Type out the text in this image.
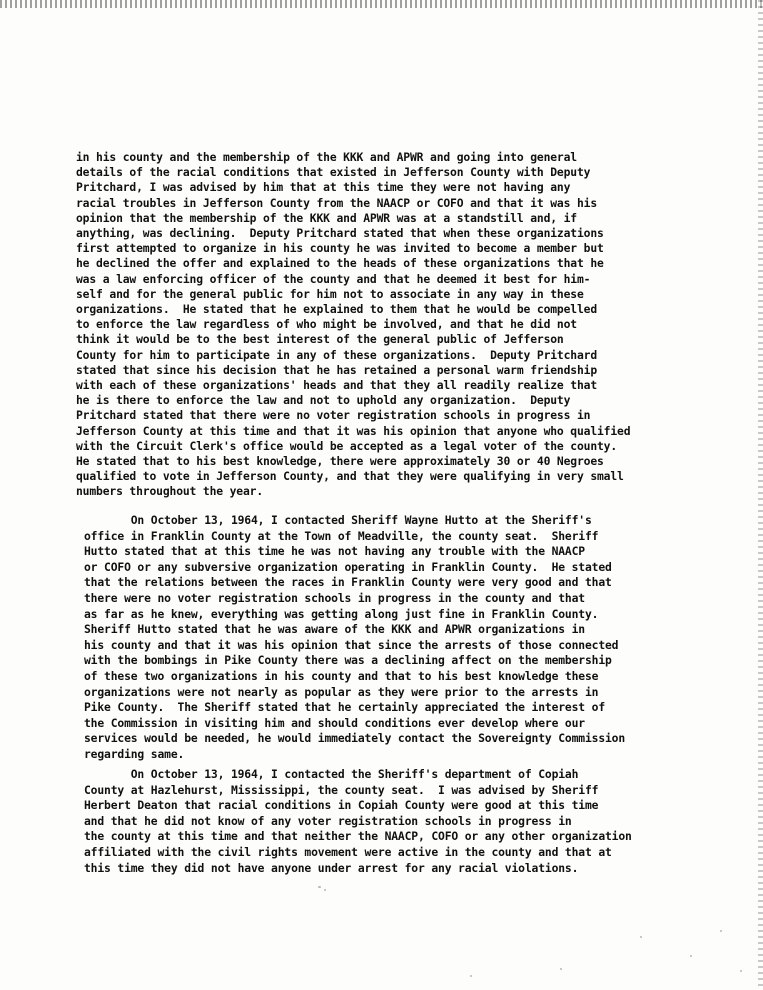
in his county and the membership of the KKK and APWR and going into general
details of the racial conditions that existed in Jefferson County with Deputy
Pritchard, I was advised by him that at this time they were not having any
racial troubles in Jefferson County from the NAACP or COFO and that it was his
opinion that the membership of the KKK and APWR was at a standstill and, if
anything, was declining.  Deputy Pritchard stated that when these organizations
first attempted to organize in his county he was invited to become a member but
he declined the offer and explained to the heads of these organizations that he
was a law enforcing officer of the county and that he deemed it best for him-
self and for the general public for him not to associate in any way in these
organizations.  He stated that he explained to them that he would be compelled
to enforce the law regardless of who might be involved, and that he did not
think it would be to the best interest of the general public of Jefferson
County for him to participate in any of these organizations.  Deputy Pritchard
stated that since his decision that he has retained a personal warm friendship
with each of these organizations' heads and that they all readily realize that
he is there to enforce the law and not to uphold any organization.  Deputy
Pritchard stated that there were no voter registration schools in progress in
Jefferson County at this time and that it was his opinion that anyone who qualified
with the Circuit Clerk's office would be accepted as a legal voter of the county.
He stated that to his best knowledge, there were approximately 30 or 40 Negroes
qualified to vote in Jefferson County, and that they were qualifying in very small
numbers throughout the year.
On October 13, 1964, I contacted Sheriff Wayne Hutto at the Sheriff's
office in Franklin County at the Town of Meadville, the county seat.  Sheriff
Hutto stated that at this time he was not having any trouble with the NAACP
or COFO or any subversive organization operating in Franklin County.  He stated
that the relations between the races in Franklin County were very good and that
there were no voter registration schools in progress in the county and that
as far as he knew, everything was getting along just fine in Franklin County.
Sheriff Hutto stated that he was aware of the KKK and APWR organizations in
his county and that it was his opinion that since the arrests of those connected
with the bombings in Pike County there was a declining affect on the membership
of these two organizations in his county and that to his best knowledge these
organizations were not nearly as popular as they were prior to the arrests in
Pike County.  The Sheriff stated that he certainly appreciated the interest of
the Commission in visiting him and should conditions ever develop where our
services would be needed, he would immediately contact the Sovereignty Commission
regarding same.
On October 13, 1964, I contacted the Sheriff's department of Copiah
County at Hazlehurst, Mississippi, the county seat.  I was advised by Sheriff
Herbert Deaton that racial conditions in Copiah County were good at this time
and that he did not know of any voter registration schools in progress in
the county at this time and that neither the NAACP, COFO or any other organization
affiliated with the civil rights movement were active in the county and that at
this time they did not have anyone under arrest for any racial violations.
